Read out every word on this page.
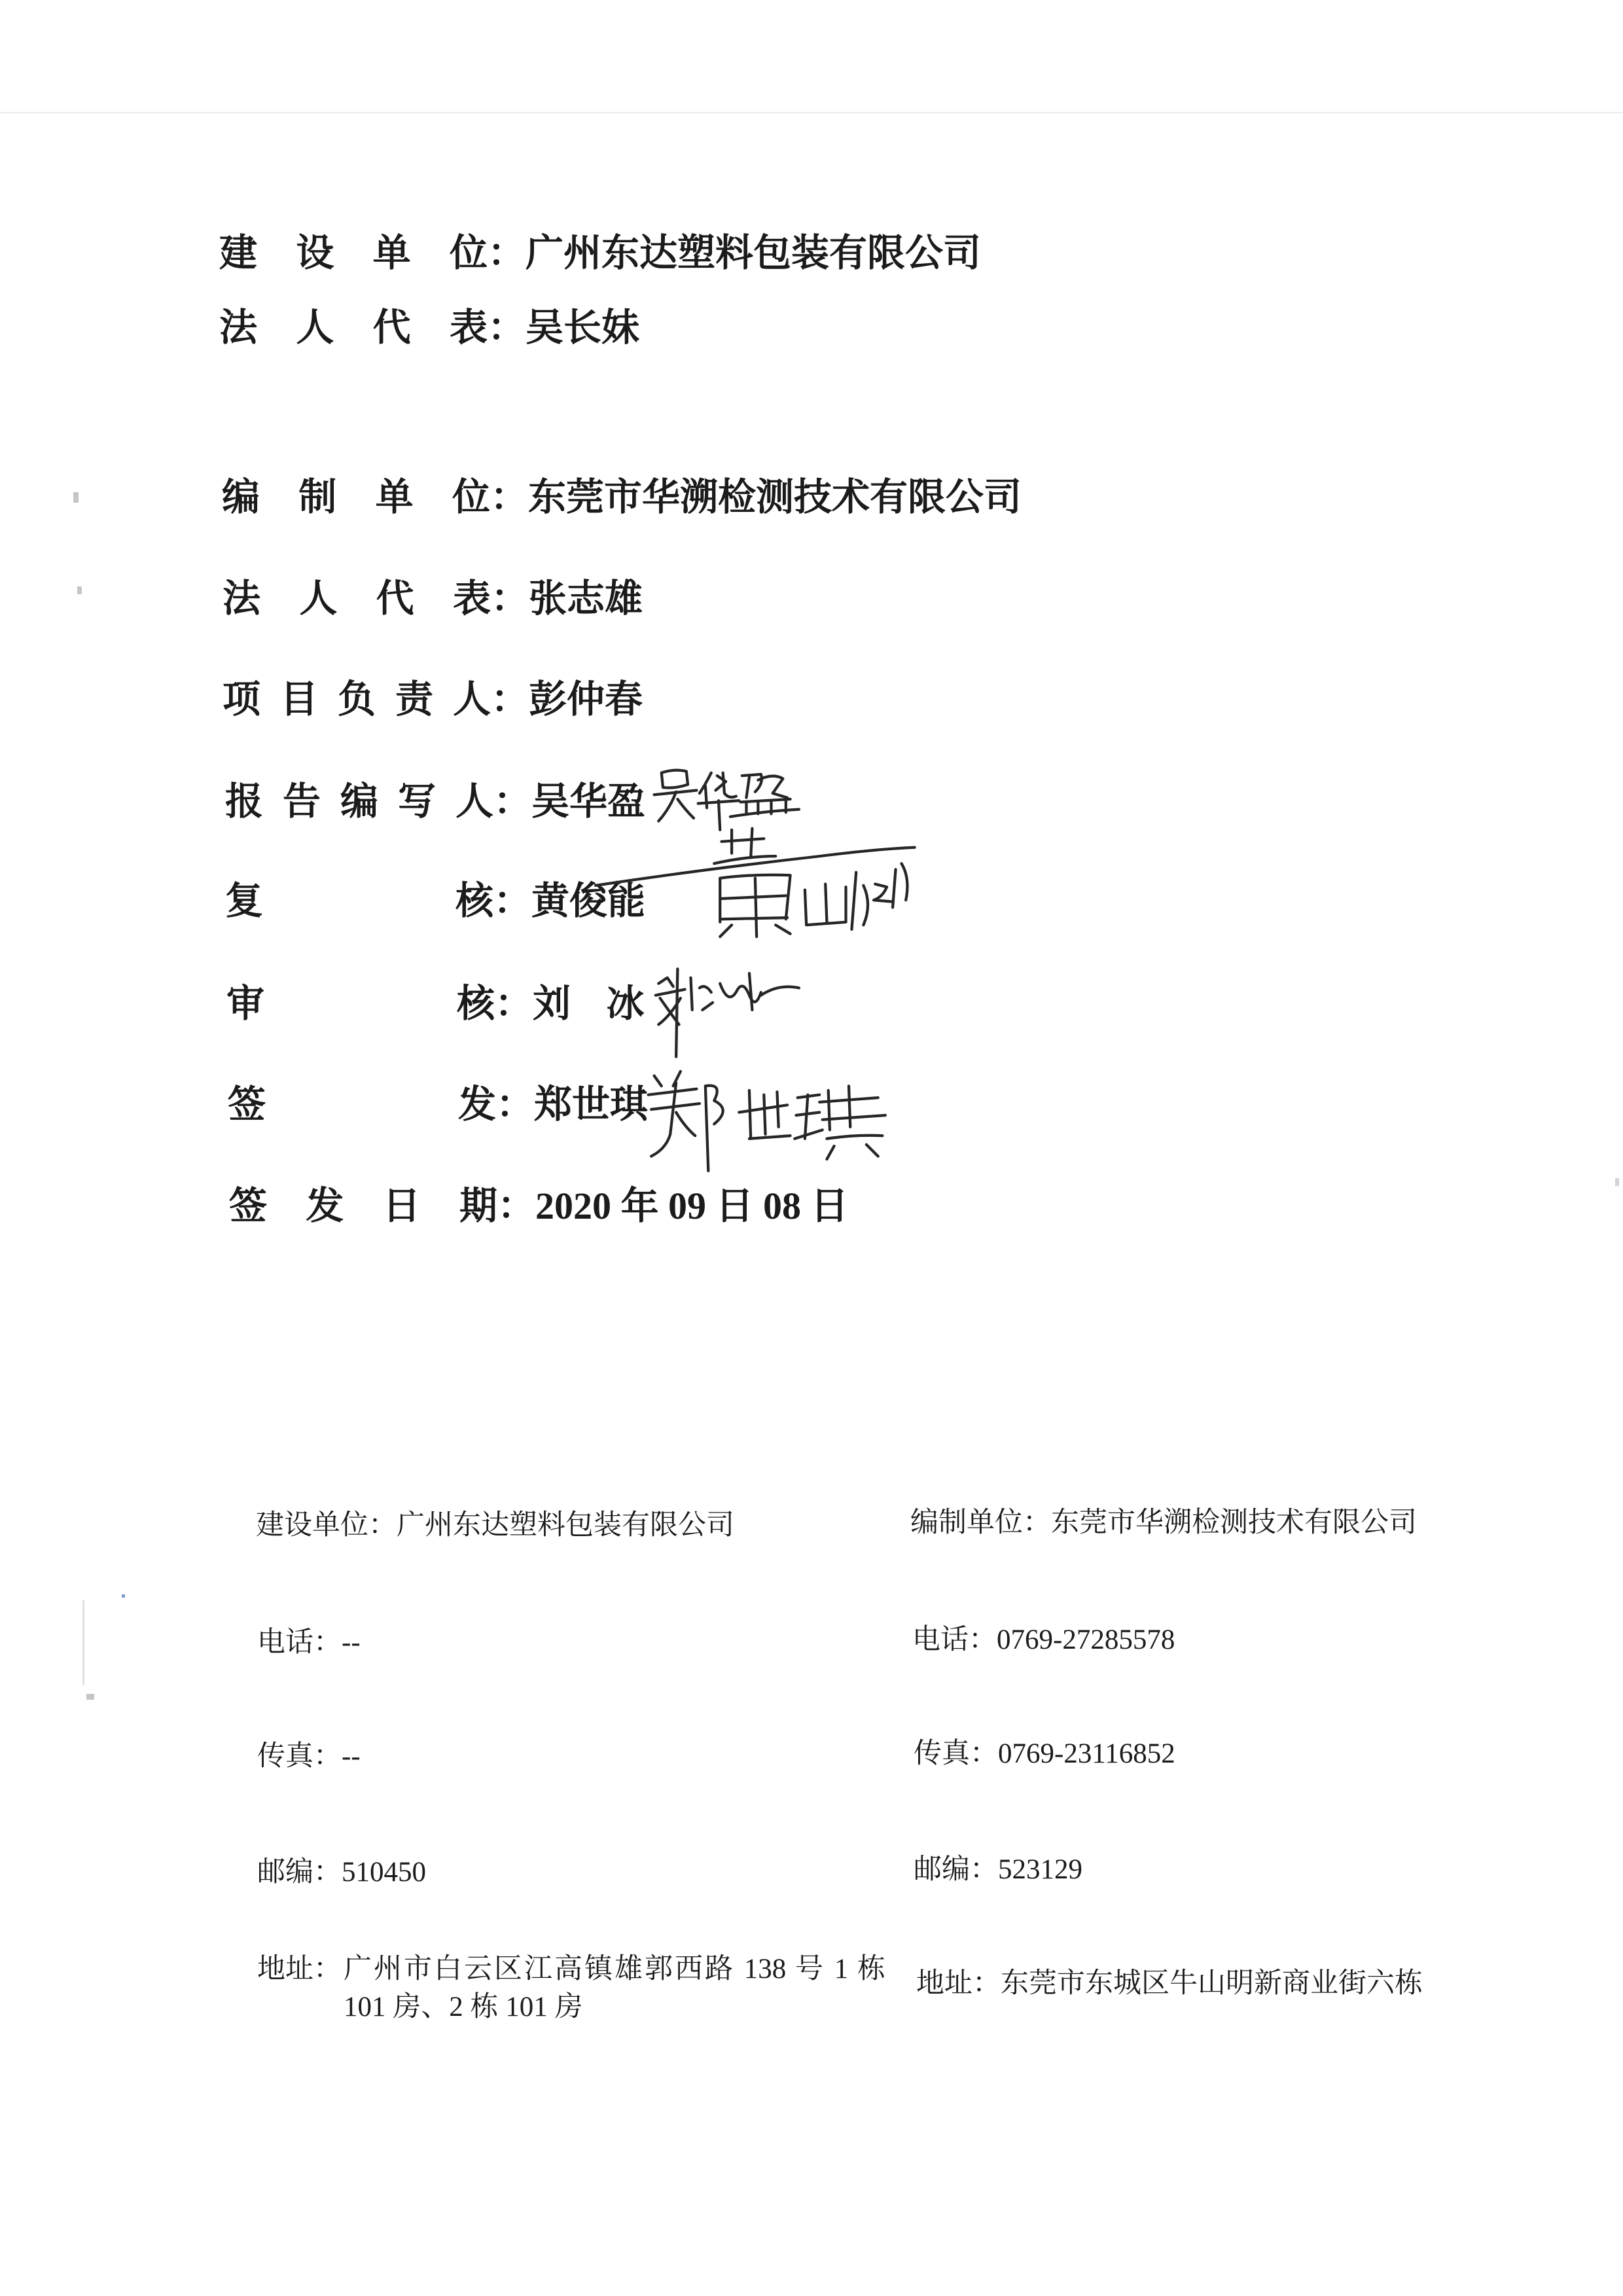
建设单位 ： 广州东达塑料包装有限公司
法人代表 ： 吴长妹
编制单位 ： 东莞市华溯检测技术有限公司
法人代表 ： 张志雄
项目负责人 ： 彭仲春
报告编写人 ： 吴华盈
复核 ： 黄俊能
审核 ： 刘 冰
签发 ： 郑世琪
签发日期 ： 2020 年 09 日 08 日
建设单位： 广州东达塑料包装有限公司
电话： --
传真： --
邮编： 510450
地址： 广州市白云区江高镇雄郭西路 138 号 1 栋
101 房、2 栋 101 房
编制单位： 东莞市华溯检测技术有限公司
电话： 0769-27285578
传真： 0769-23116852
邮编： 523129
地址： 东莞市东城区牛山明新商业街六栋
